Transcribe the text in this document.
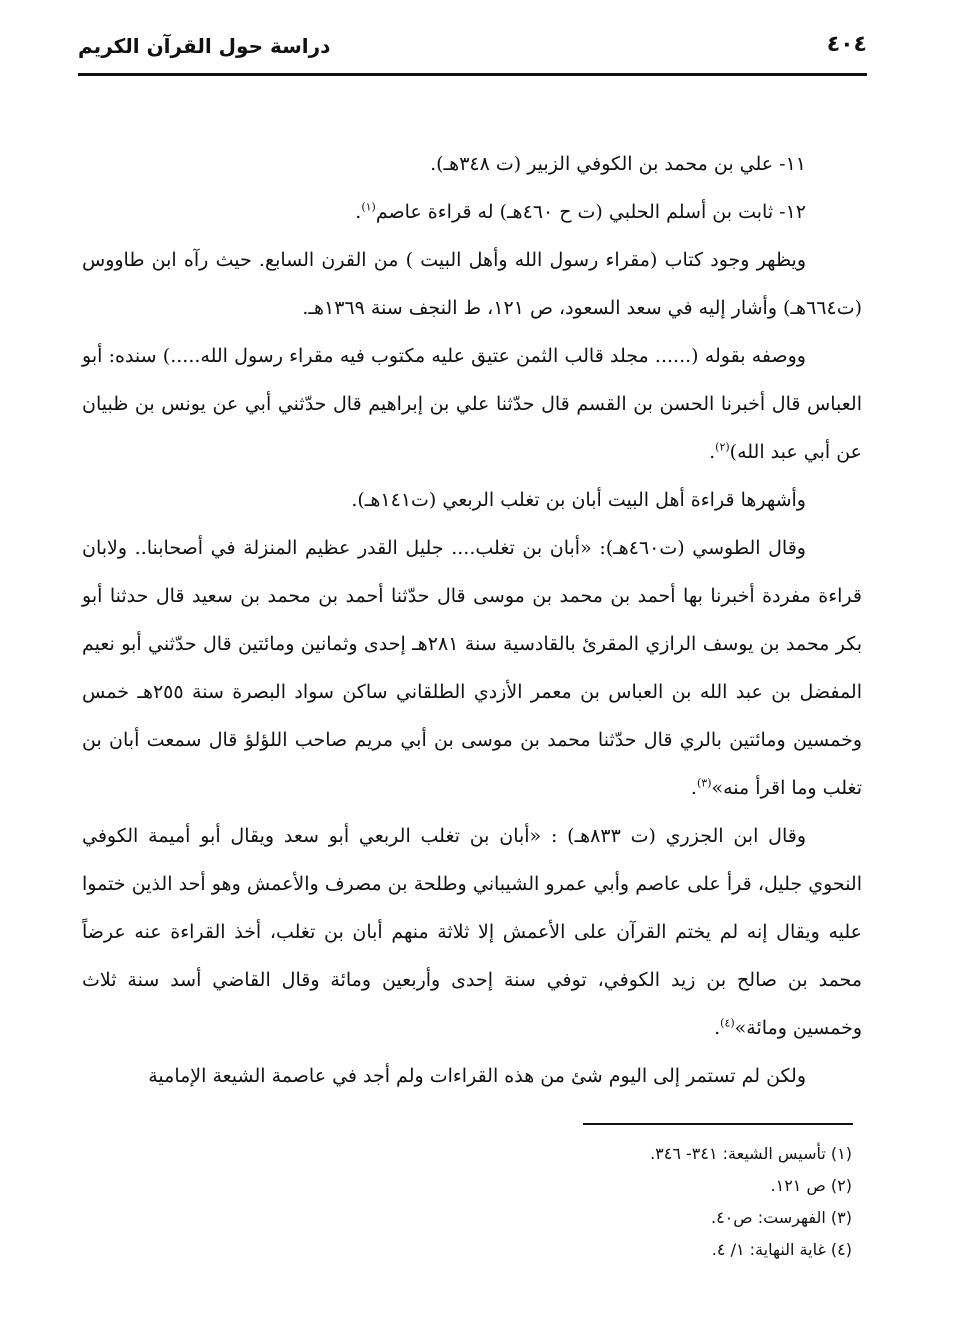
٤٠٤
دراسة حول القرآن الكريم

١١- علي بن محمد بن الكوفي الزبير (ت ٣٤٨هـ).

١٢- ثابت بن أسلم الحلبي (ت ح ٤٦٠هـ) له قراءة عاصم$^{(١)}$.

ويظهر وجود كتاب (مقراء رسول الله وأهل البيت ) من القرن السابع. حيث رآه ابن طاووس (ت٦٦٤هـ) وأشار إليه في سعد السعود، ص ١٢١، ط النجف سنة ١٣٦٩هـ.

ووصفه بقوله (...... مجلد قالب الثمن عتيق عليه مكتوب فيه مقراء رسول الله.....) سنده: أبو العباس قال أخبرنا الحسن بن القسم قال حدّثنا علي بن إبراهيم قال حدّثني أبي عن يونس بن ظبيان عن أبي عبد الله)$^{(٢)}$.

وأشهرها قراءة أهل البيت أبان بن تغلب الربعي (ت١٤١هـ).

وقال الطوسي (ت٤٦٠هـ): «أبان بن تغلب.... جليل القدر عظيم المنزلة في أصحابنا.. ولابان قراءة مفردة أخبرنا بها أحمد بن محمد بن موسى قال حدّثنا أحمد بن محمد بن سعيد قال حدثنا أبو بكر محمد بن يوسف الرازي المقرئ بالقادسية سنة ٢٨١هـ إحدى وثمانين ومائتين قال حدّثني أبو نعيم المفضل بن عبد الله بن العباس بن معمر الأزدي الطلقاني ساكن سواد البصرة سنة ٢٥٥هـ خمس وخمسين ومائتين بالري قال حدّثنا محمد بن موسى بن أبي مريم صاحب اللؤلؤ قال سمعت أبان بن تغلب وما اقرأ منه»$^{(٣)}$.

وقال ابن الجزري (ت ٨٣٣هـ) : «أبان بن تغلب الربعي أبو سعد ويقال أبو أميمة الكوفي النحوي جليل، قرأ على عاصم وأبي عمرو الشيباني وطلحة بن مصرف والأعمش وهو أحد الذين ختموا عليه ويقال إنه لم يختم القرآن على الأعمش إلا ثلاثة منهم أبان بن تغلب، أخذ القراءة عنه عرضاً محمد بن صالح بن زيد الكوفي، توفي سنة إحدى وأربعين ومائة وقال القاضي أسد سنة ثلاث وخمسين ومائة»$^{(٤)}$.

ولكن لم تستمر إلى اليوم شئ من هذه القراءات ولم أجد في عاصمة الشيعة الإمامية

(١) تأسيس الشيعة: ٣٤١- ٣٤٦.
(٢) ص ١٢١.
(٣) الفهرست: ص٤٠.
(٤) غاية النهاية: ١/ ٤.
